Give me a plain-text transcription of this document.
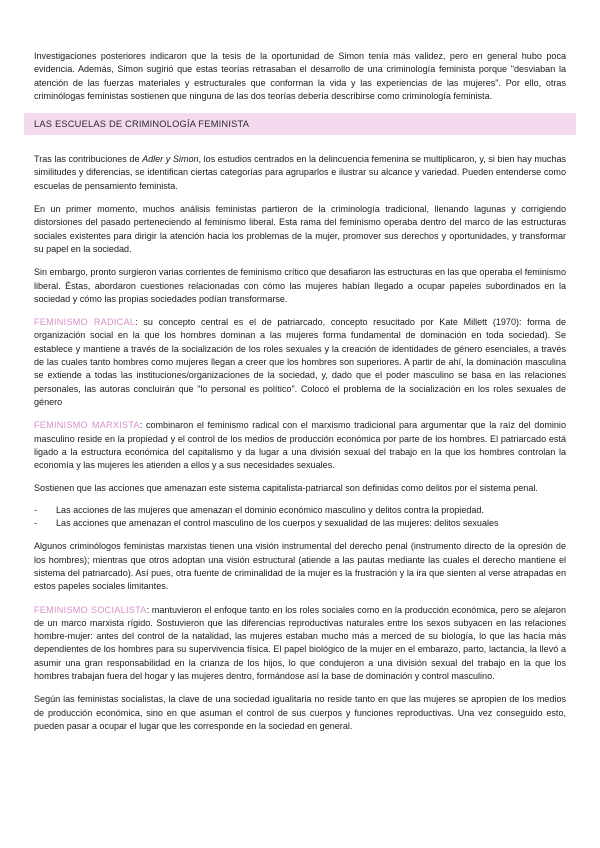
Investigaciones posteriores indicaron que la tesis de la oportunidad de Simon tenía más validez, pero en general hubo poca evidencia. Además, Simon sugirió que estas teorías retrasaban el desarrollo de una criminología feminista porque "desviaban la atención de las fuerzas materiales y estructurales que conforman la vida y las experiencias de las mujeres". Por ello, otras criminólogas feministas sostienen que ninguna de las dos teorías debería describirse como criminología feminista.

LAS ESCUELAS DE CRIMINOLOGÍA FEMINISTA

Tras las contribuciones de Adler y Simon, los estudios centrados en la delincuencia femenina se multiplicaron, y, si bien hay muchas similitudes y diferencias, se identifican ciertas categorías para agruparlos e ilustrar su alcance y variedad. Pueden entenderse como escuelas de pensamiento feminista.

En un primer momento, muchos análisis feministas partieron de la criminología tradicional, llenando lagunas y corrigiendo distorsiones del pasado perteneciendo al feminismo liberal. Esta rama del feminismo operaba dentro del marco de las estructuras sociales existentes para dirigir la atención hacia los problemas de la mujer, promover sus derechos y oportunidades, y transformar su papel en la sociedad.

Sin embargo, pronto surgieron varias corrientes de feminismo crítico que desafiaron las estructuras en las que operaba el feminismo liberal. Éstas, abordaron cuestiones relacionadas con cómo las mujeres habían llegado a ocupar papeles subordinados en la sociedad y cómo las propias sociedades podían transformarse.

FEMINISMO RADICAL: su concepto central es el de patriarcado, concepto resucitado por Kate Millett (1970): forma de organización social en la que los hombres dominan a las mujeres forma fundamental de dominación en toda sociedad). Se establece y mantiene a través de la socialización de los roles sexuales y la creación de identidades de género esenciales, a través de las cuales tanto hombres como mujeres llegan a creer que los hombres son superiores. A partir de ahí, la dominación masculina se extiende a todas las instituciones/organizaciones de la sociedad, y, dado que el poder masculino se basa en las relaciones personales, las autoras concluirán que "lo personal es político". Colocó el problema de la socialización en los roles sexuales de género

FEMINISMO MARXISTA: combinaron el feminismo radical con el marxismo tradicional para argumentar que la raíz del dominio masculino reside en la propiedad y el control de los medios de producción económica por parte de los hombres. El patriarcado está ligado a la estructura económica del capitalismo y da lugar a una división sexual del trabajo en la que los hombres controlan la economía y las mujeres les atienden a ellos y a sus necesidades sexuales.

Sostienen que las acciones que amenazan este sistema capitalista-patriarcal son definidas como delitos por el sistema penal.

-	Las acciones de las mujeres que amenazan el dominio económico masculino y delitos contra la propiedad.
-	Las acciones que amenazan el control masculino de los cuerpos y sexualidad de las mujeres: delitos sexuales

Algunos criminólogos feministas marxistas tienen una visión instrumental del derecho penal (instrumento directo de la opresión de los hombres); mientras que otros adoptan una visión estructural (atiende a las pautas mediante las cuales el derecho mantiene el sistema del patriarcado). Así pues, otra fuente de criminalidad de la mujer es la frustración y la ira que sienten al verse atrapadas en estos papeles sociales limitantes.

FEMINISMO SOCIALISTA: mantuvieron el enfoque tanto en los roles sociales como en la producción económica, pero se alejaron de un marco marxista rígido. Sostuvieron que las diferencias reproductivas naturales entre los sexos subyacen en las relaciones hombre-mujer: antes del control de la natalidad, las mujeres estaban mucho más a merced de su biología, lo que las hacía más dependientes de los hombres para su supervivencia física. El papel biológico de la mujer en el embarazo, parto, lactancia, la llevó a asumir una gran responsabilidad en la crianza de los hijos, lo que condujeron a una división sexual del trabajo en la que los hombres trabajan fuera del hogar y las mujeres dentro, formándose así la base de dominación y control masculino.

Según las feministas socialistas, la clave de una sociedad igualitaria no reside tanto en que las mujeres se apropien de los medios de producción económica, sino en que asuman el control de sus cuerpos y funciones reproductivas. Una vez conseguido esto, pueden pasar a ocupar el lugar que les corresponde en la sociedad en general.
